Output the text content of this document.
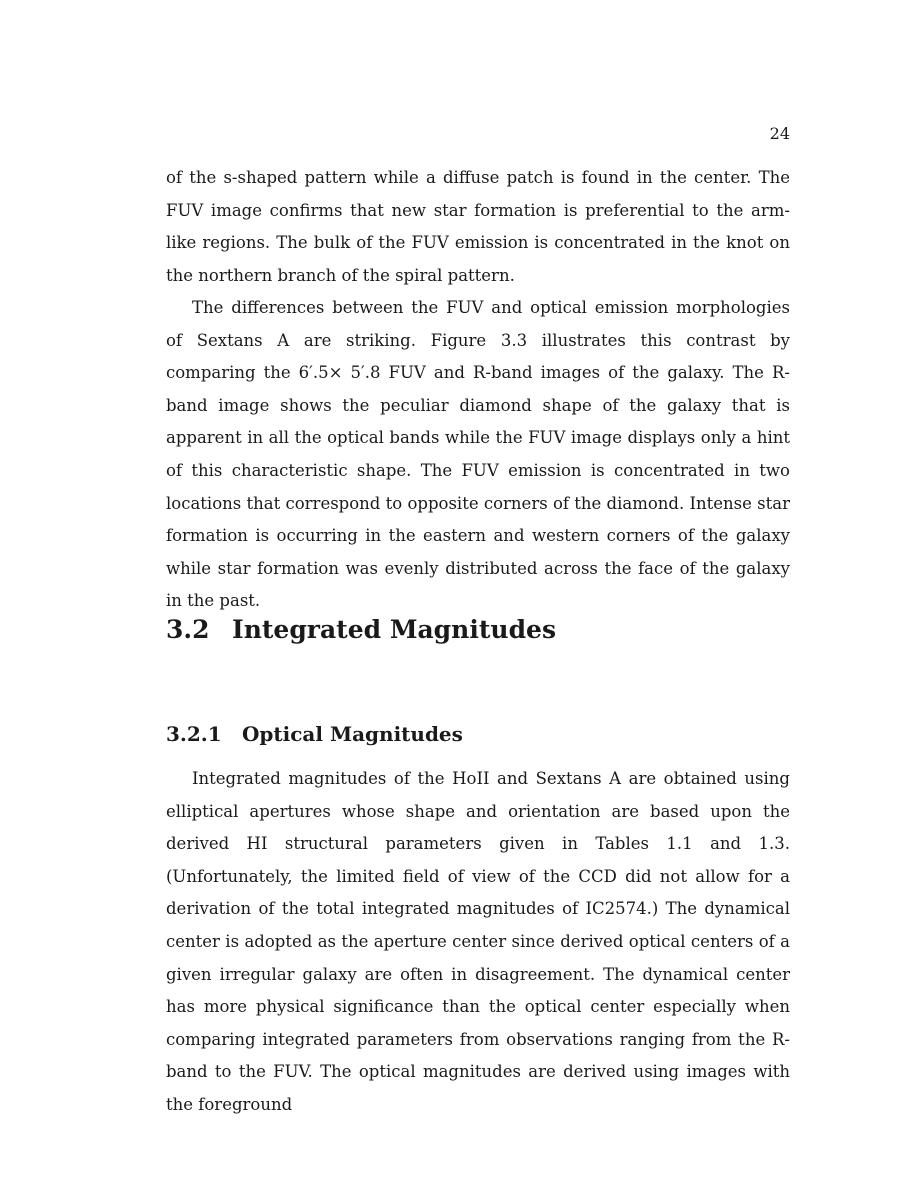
24

of the s-shaped pattern while a diffuse patch is found in the center. The FUV image confirms that new star formation is preferential to the arm-like regions. The bulk of the FUV emission is concentrated in the knot on the northern branch of the spiral pattern.

The differences between the FUV and optical emission morphologies of Sextans A are striking. Figure 3.3 illustrates this contrast by comparing the 6′.5× 5′.8 FUV and R-band images of the galaxy. The R-band image shows the peculiar diamond shape of the galaxy that is apparent in all the optical bands while the FUV image displays only a hint of this characteristic shape. The FUV emission is concentrated in two locations that correspond to opposite corners of the diamond. Intense star formation is occurring in the eastern and western corners of the galaxy while star formation was evenly distributed across the face of the galaxy in the past.

3.2 Integrated Magnitudes
3.2.1 Optical Magnitudes

Integrated magnitudes of the HoII and Sextans A are obtained using elliptical apertures whose shape and orientation are based upon the derived HI structural parameters given in Tables 1.1 and 1.3. (Unfortunately, the limited field of view of the CCD did not allow for a derivation of the total integrated magnitudes of IC2574.) The dynamical center is adopted as the aperture center since derived optical centers of a given irregular galaxy are often in disagreement. The dynamical center has more physical significance than the optical center especially when comparing integrated parameters from observations ranging from the R-band to the FUV. The optical magnitudes are derived using images with the foreground
